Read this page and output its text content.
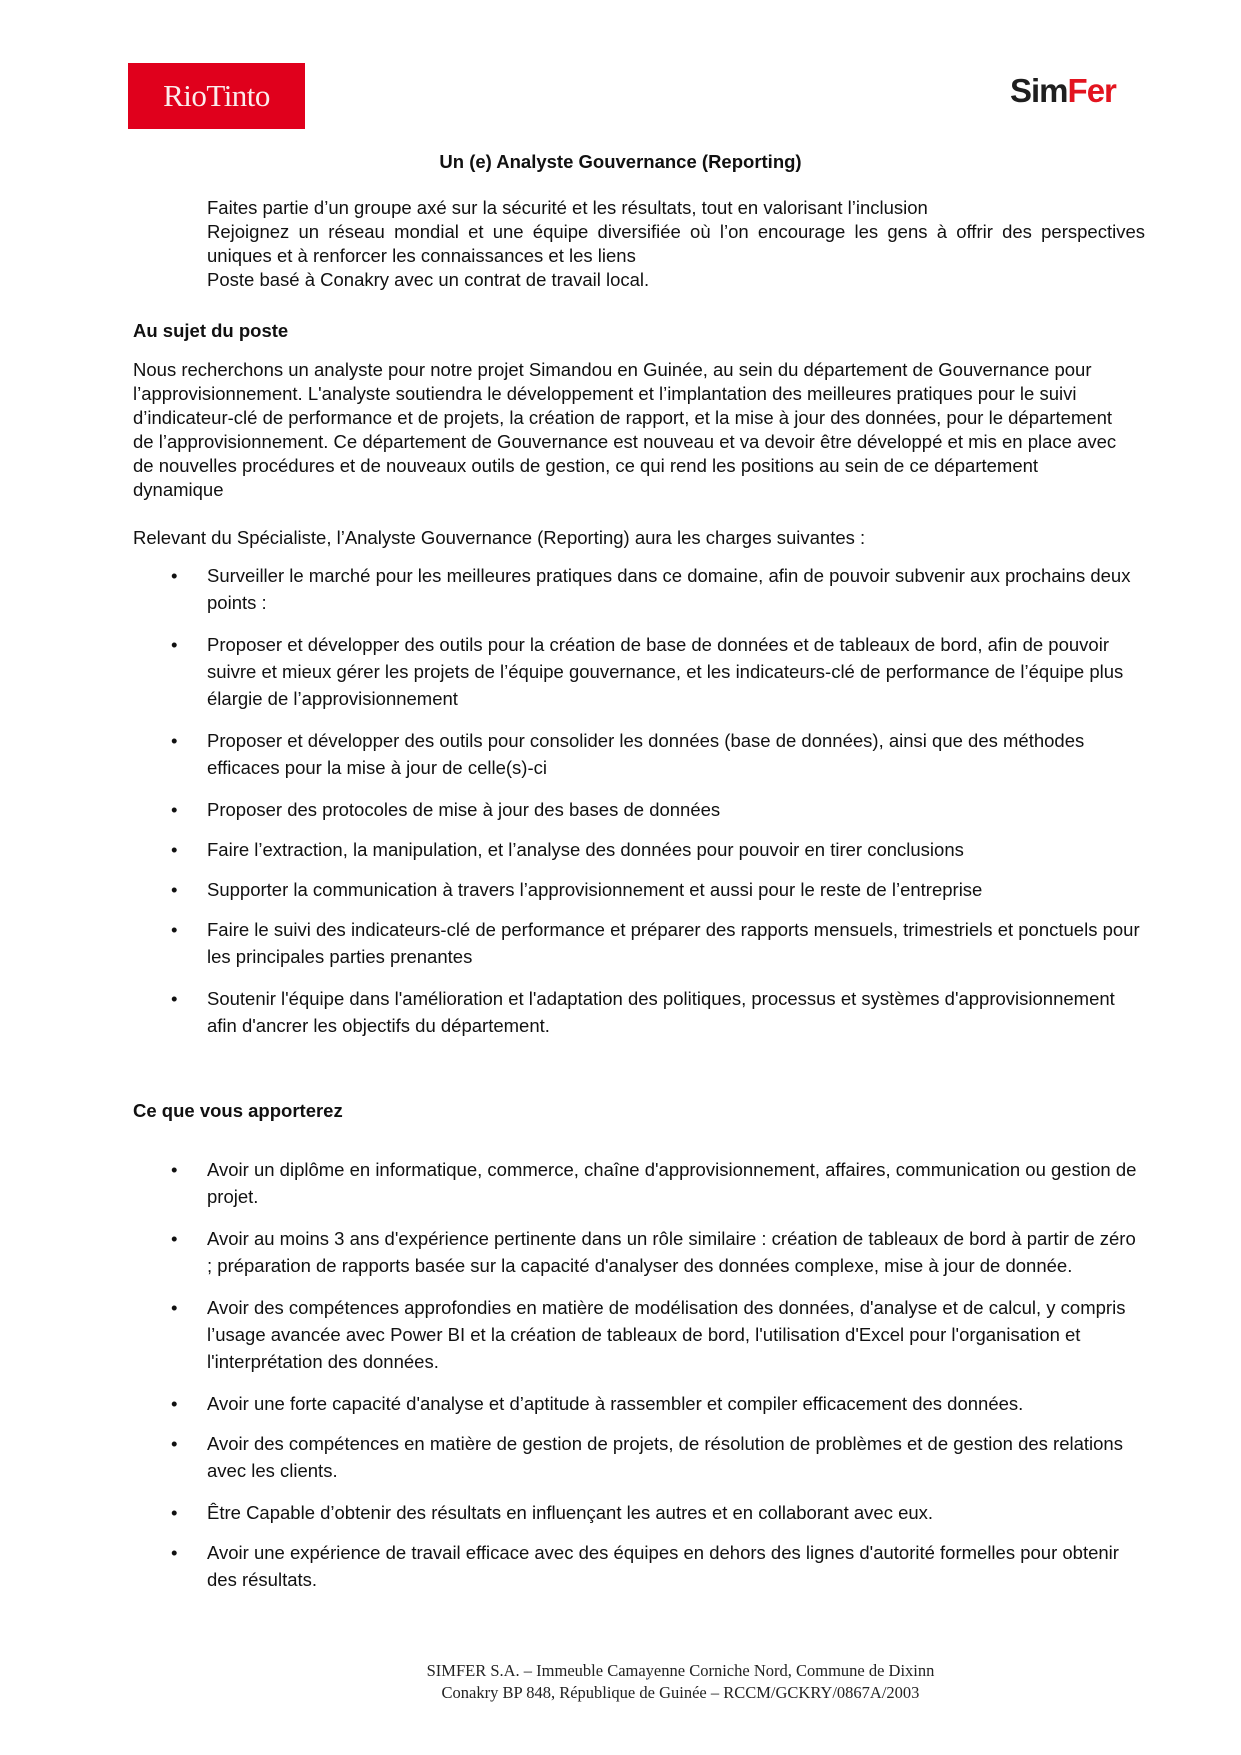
RioTinto	SimFer
Un (e) Analyste Gouvernance (Reporting)

Faites partie d’un groupe axé sur la sécurité et les résultats, tout en valorisant l’inclusion

Rejoignez un réseau mondial et une équipe diversifiée où l’on encourage les gens à offrir des perspectives uniques et à renforcer les connaissances et les liens

Poste basé à Conakry avec un contrat de travail local.

Au sujet du poste

Nous recherchons un analyste pour notre projet Simandou en Guinée, au sein du département de Gouvernance pour l’approvisionnement. L'analyste soutiendra le développement et l’implantation des meilleures pratiques pour le suivi d’indicateur-clé de performance et de projets, la création de rapport, et la mise à jour des données, pour le département de l’approvisionnement. Ce département de Gouvernance est nouveau et va devoir être développé et mis en place avec de nouvelles procédures et de nouveaux outils de gestion, ce qui rend les positions au sein de ce département dynamique

Relevant du Spécialiste, l’Analyste Gouvernance (Reporting) aura les charges suivantes :

• Surveiller le marché pour les meilleures pratiques dans ce domaine, afin de pouvoir subvenir aux prochains deux points :
• Proposer et développer des outils pour la création de base de données et de tableaux de bord, afin de pouvoir suivre et mieux gérer les projets de l’équipe gouvernance, et les indicateurs-clé de performance de l’équipe plus élargie de l’approvisionnement
• Proposer et développer des outils pour consolider les données (base de données), ainsi que des méthodes efficaces pour la mise à jour de celle(s)-ci
• Proposer des protocoles de mise à jour des bases de données
• Faire l’extraction, la manipulation, et l’analyse des données pour pouvoir en tirer conclusions
• Supporter la communication à travers l’approvisionnement et aussi pour le reste de l’entreprise
• Faire le suivi des indicateurs-clé de performance et préparer des rapports mensuels, trimestriels et ponctuels pour les principales parties prenantes
• Soutenir l'équipe dans l'amélioration et l'adaptation des politiques, processus et systèmes d'approvisionnement afin d'ancrer les objectifs du département.
Ce que vous apporterez
• Avoir un diplôme en informatique, commerce, chaîne d'approvisionnement, affaires, communication ou gestion de projet.
• Avoir au moins 3 ans d'expérience pertinente dans un rôle similaire : création de tableaux de bord à partir de zéro ; préparation de rapports basée sur la capacité d'analyser des données complexe, mise à jour de donnée.
• Avoir des compétences approfondies en matière de modélisation des données, d'analyse et de calcul, y compris l’usage avancée avec Power BI et la création de tableaux de bord, l'utilisation d'Excel pour l'organisation et l'interprétation des données.
• Avoir une forte capacité d'analyse et d’aptitude à rassembler et compiler efficacement des données.
• Avoir des compétences en matière de gestion de projets, de résolution de problèmes et de gestion des relations avec les clients.
• Être Capable d’obtenir des résultats en influençant les autres et en collaborant avec eux.
• Avoir une expérience de travail efficace avec des équipes en dehors des lignes d'autorité formelles pour obtenir des résultats.
SIMFER S.A. – Immeuble Camayenne Corniche Nord, Commune de Dixinn
Conakry BP 848, République de Guinée – RCCM/GCKRY/0867A/2003
